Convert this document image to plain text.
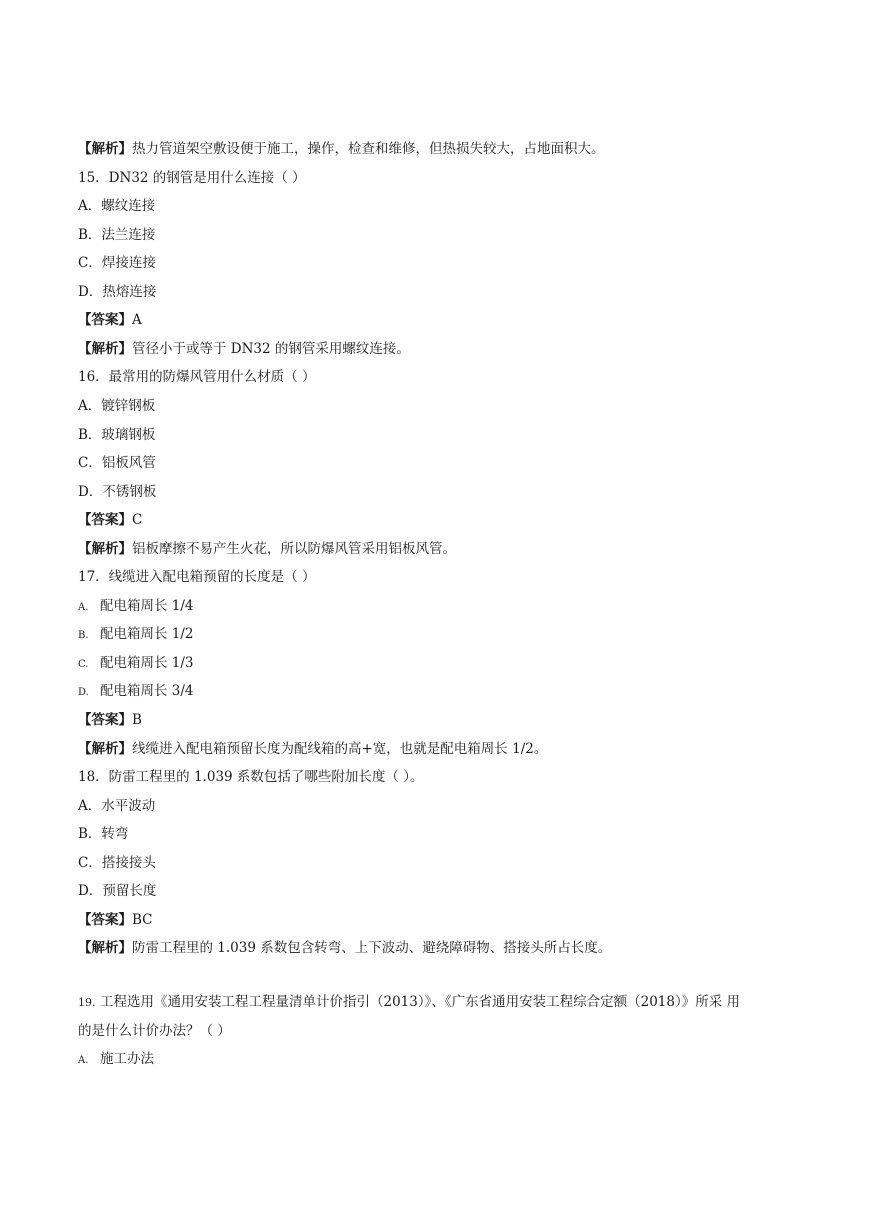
【解析】热力管道架空敷设便于施工，操作，检查和维修，但热损失较大，占地面积大。
15．DN32 的钢管是用什么连接（ ）
A．螺纹连接
B．法兰连接
C．焊接连接
D．热熔连接
【答案】A
【解析】管径小于或等于 DN32 的钢管采用螺纹连接。
16．最常用的防爆风管用什么材质（ ）
A．镀锌钢板
B．玻璃钢板
C．铝板风管
D．不锈钢板
【答案】C
【解析】铝板摩擦不易产生火花，所以防爆风管采用铝板风管。
17．线缆进入配电箱预留的长度是（ ）
A. 配电箱周长 1/4
B. 配电箱周长 1/2
C. 配电箱周长 1/3
D. 配电箱周长 3/4
【答案】B
【解析】线缆进入配电箱预留长度为配线箱的高+宽，也就是配电箱周长 1/2。
18．防雷工程里的 1.039 系数包括了哪些附加长度（ ）。
A．水平波动
B．转弯
C．搭接接头
D．预留长度
【答案】BC
【解析】防雷工程里的 1.039 系数包含转弯、上下波动、避绕障碍物、搭接头所占长度。
19. 工程选用《通用安装工程工程量清单计价指引（2013）》、《广东省通用安装工程综合定额（2018）》所采 用
的是什么计价办法？（ ）
A. 施工办法
